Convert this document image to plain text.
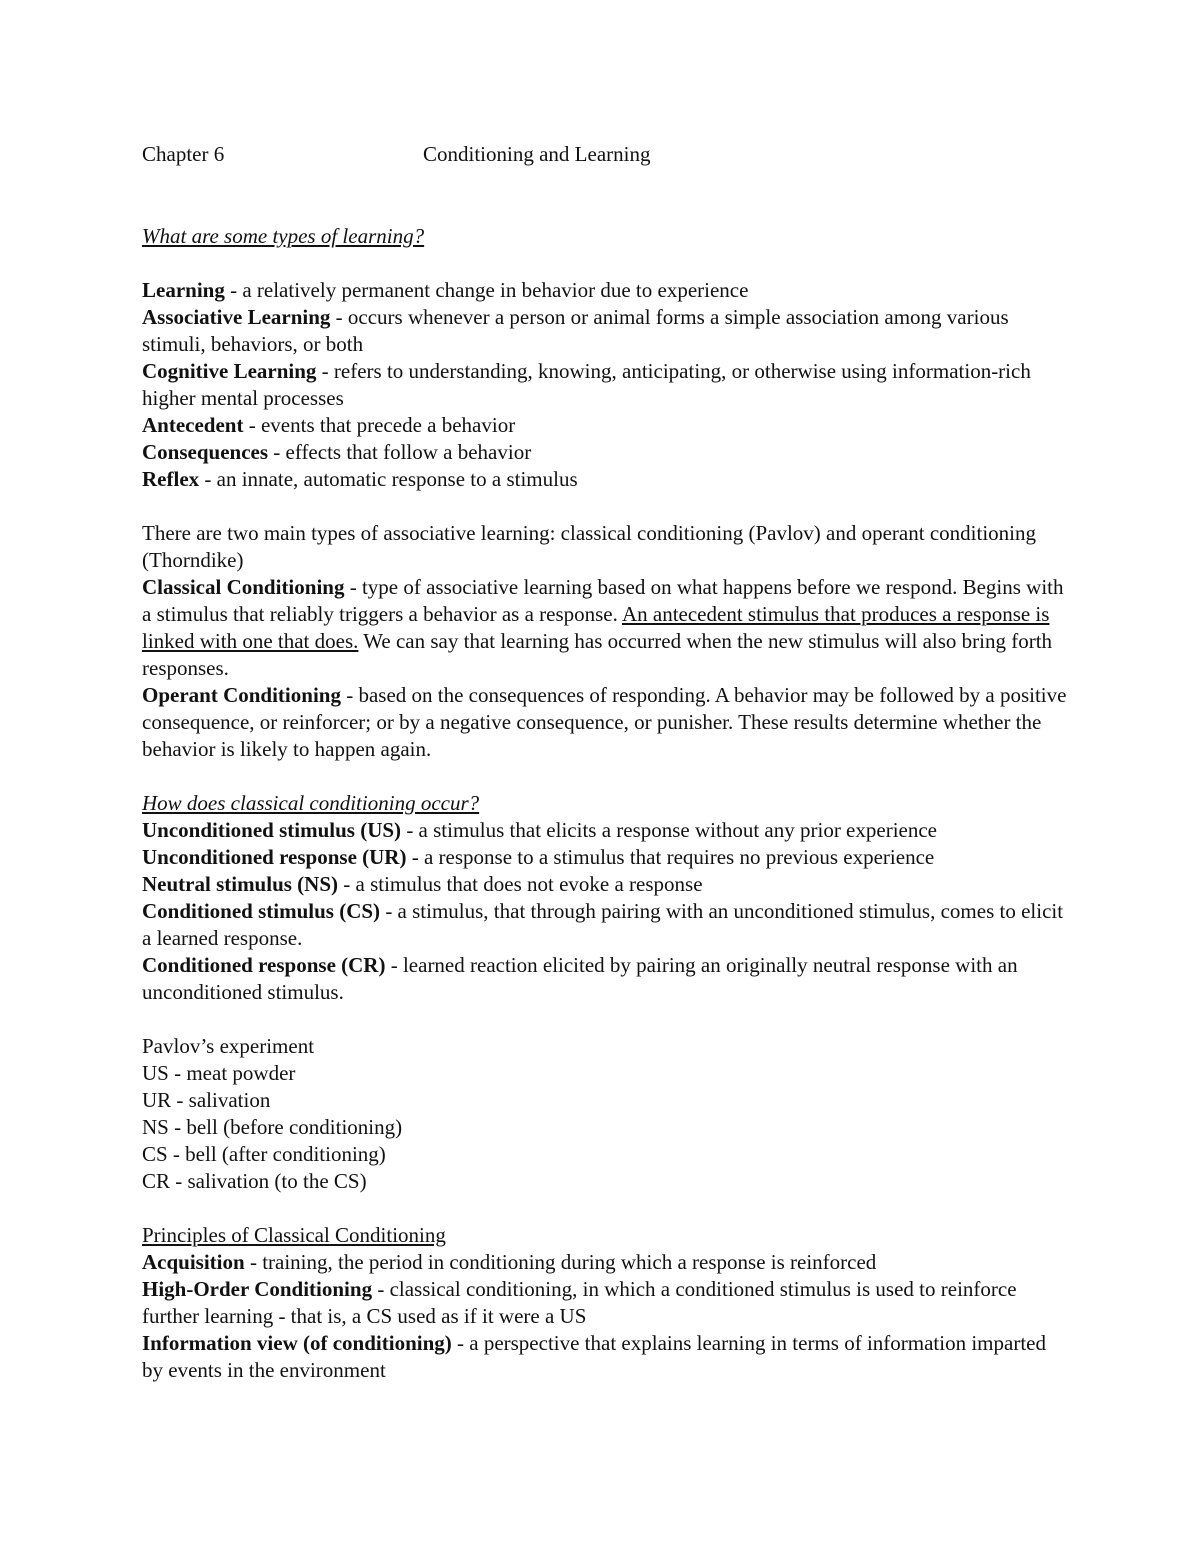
Chapter 6	Conditioning and Learning

What are some types of learning?

Learning - a relatively permanent change in behavior due to experience

Associative Learning - occurs whenever a person or animal forms a simple association among various stimuli, behaviors, or both

Cognitive Learning - refers to understanding, knowing, anticipating, or otherwise using information-rich higher mental processes

Antecedent - events that precede a behavior

Consequences - effects that follow a behavior

Reflex - an innate, automatic response to a stimulus

There are two main types of associative learning: classical conditioning (Pavlov) and operant conditioning (Thorndike)

Classical Conditioning - type of associative learning based on what happens before we respond. Begins with a stimulus that reliably triggers a behavior as a response. An antecedent stimulus that produces a response is linked with one that does. We can say that learning has occurred when the new stimulus will also bring forth responses.

Operant Conditioning - based on the consequences of responding. A behavior may be followed by a positive consequence, or reinforcer; or by a negative consequence, or punisher. These results determine whether the behavior is likely to happen again.

How does classical conditioning occur?

Unconditioned stimulus (US) - a stimulus that elicits a response without any prior experience

Unconditioned response (UR) - a response to a stimulus that requires no previous experience

Neutral stimulus (NS) - a stimulus that does not evoke a response

Conditioned stimulus (CS) - a stimulus, that through pairing with an unconditioned stimulus, comes to elicit a learned response.

Conditioned response (CR) - learned reaction elicited by pairing an originally neutral response with an unconditioned stimulus.

Pavlov’s experiment

US - meat powder

UR - salivation

NS - bell (before conditioning)

CS - bell (after conditioning)

CR - salivation (to the CS)

Principles of Classical Conditioning

Acquisition - training, the period in conditioning during which a response is reinforced

High-Order Conditioning - classical conditioning, in which a conditioned stimulus is used to reinforce further learning - that is, a CS used as if it were a US

Information view (of conditioning) - a perspective that explains learning in terms of information imparted by events in the environment
